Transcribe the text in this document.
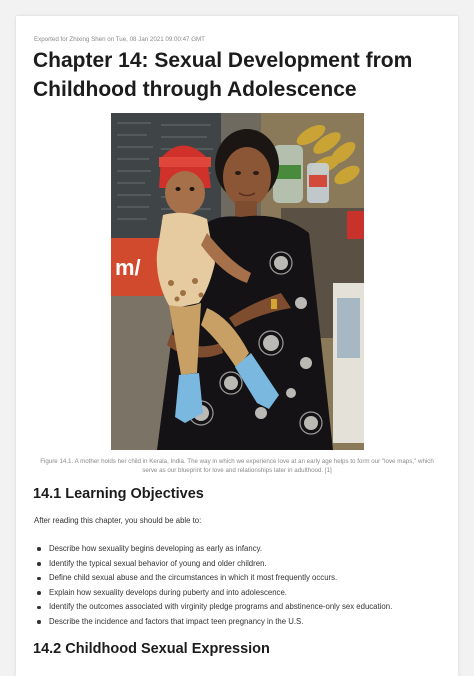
Exported for Zhixing Shen on Tue, 08 Jan 2021 09:00:47 GMT
Chapter 14: Sexual Development from Childhood through Adolescence
m/
Figure 14.1. A mother holds her child in Kerala, India. The way in which we experience love at an early age helps to form our "love maps," which serve as our blueprint for love and relationships later in adulthood. [1]
14.1 Learning Objectives
After reading this chapter, you should be able to:
Describe how sexuality begins developing as early as infancy.
Identify the typical sexual behavior of young and older children.
Define child sexual abuse and the circumstances in which it most frequently occurs.
Explain how sexuality develops during puberty and into adolescence.
Identify the outcomes associated with virginity pledge programs and abstinence-only sex education.
Describe the incidence and factors that impact teen pregnancy in the U.S.
14.2 Childhood Sexual Expression
